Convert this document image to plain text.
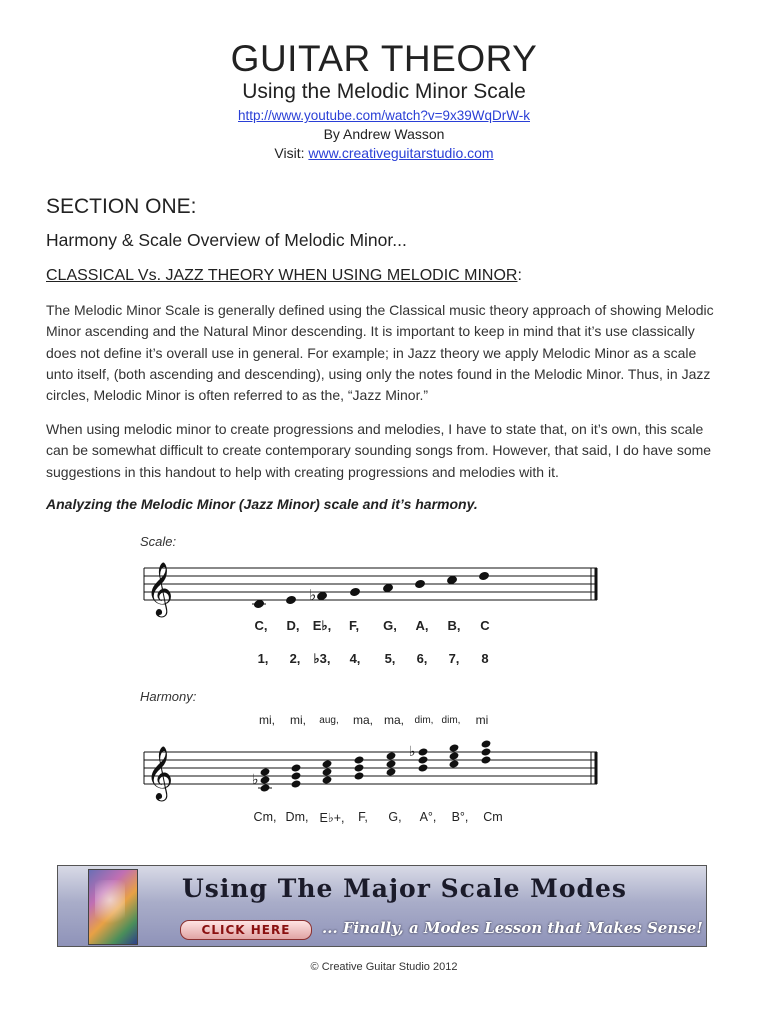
GUITAR THEORY
Using the Melodic Minor Scale
http://www.youtube.com/watch?v=9x39WqDrW-k
By Andrew Wasson
Visit: www.creativeguitarstudio.com
SECTION ONE:
Harmony & Scale Overview of Melodic Minor...
CLASSICAL Vs. JAZZ THEORY WHEN USING MELODIC MINOR:
The Melodic Minor Scale is generally defined using the Classical music theory approach of showing Melodic Minor ascending and the Natural Minor descending. It is important to keep in mind that it’s use classically does not define it’s overall use in general. For example; in Jazz theory we apply Melodic Minor as a scale unto itself, (both ascending and descending), using only the notes found in the Melodic Minor. Thus, in Jazz circles, Melodic Minor is often referred to as the, “Jazz Minor.”
When using melodic minor to create progressions and melodies, I have to state that, on it’s own, this scale can be somewhat difficult to create contemporary sounding songs from. However, that said, I do have some suggestions in this handout to help with creating progressions and melodies with it.
Analyzing the Melodic Minor (Jazz Minor) scale and it’s harmony.
𝄞	♭
𝄞	♭
♭
Scale:
C, D, E♭, F, G, A, B, C
1, 2, ♭3, 4, 5, 6, 7, 8
Harmony:
mi, mi, aug, ma, ma, dim, dim, mi
Cm, Dm, E♭+, F, G, A°, B°, Cm
Using The Major Scale Modes
CLICK HERE	... Finally, a Modes Lesson that Makes Sense!
© Creative Guitar Studio 2012
